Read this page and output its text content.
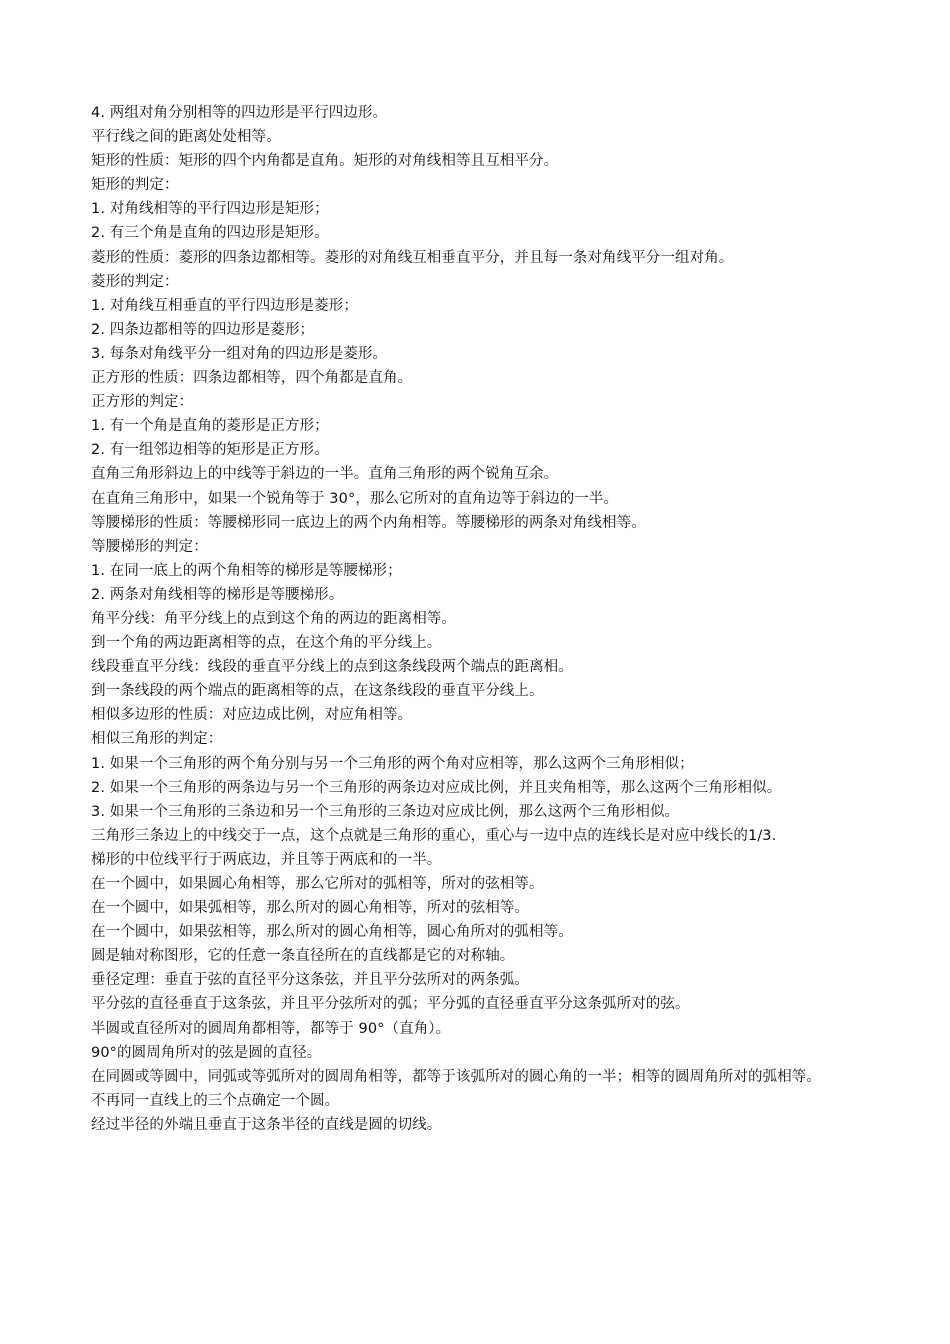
4. 两组对角分别相等的四边形是平行四边形。

平行线之间的距离处处相等。

矩形的性质：矩形的四个内角都是直角。矩形的对角线相等且互相平分。

矩形的判定：

1. 对角线相等的平行四边形是矩形；

2. 有三个角是直角的四边形是矩形。

菱形的性质：菱形的四条边都相等。菱形的对角线互相垂直平分，并且每一条对角线平分一组对角。

菱形的判定：

1. 对角线互相垂直的平行四边形是菱形；

2. 四条边都相等的四边形是菱形；

3. 每条对角线平分一组对角的四边形是菱形。

正方形的性质：四条边都相等，四个角都是直角。

正方形的判定：

1. 有一个角是直角的菱形是正方形；

2. 有一组邻边相等的矩形是正方形。

直角三角形斜边上的中线等于斜边的一半。直角三角形的两个锐角互余。

在直角三角形中，如果一个锐角等于 30°，那么它所对的直角边等于斜边的一半。

等腰梯形的性质：等腰梯形同一底边上的两个内角相等。等腰梯形的两条对角线相等。

等腰梯形的判定：

1. 在同一底上的两个角相等的梯形是等腰梯形；

2. 两条对角线相等的梯形是等腰梯形。

角平分线：角平分线上的点到这个角的两边的距离相等。

到一个角的两边距离相等的点，在这个角的平分线上。

线段垂直平分线：线段的垂直平分线上的点到这条线段两个端点的距离相。

到一条线段的两个端点的距离相等的点，在这条线段的垂直平分线上。

相似多边形的性质：对应边成比例，对应角相等。

相似三角形的判定：

1. 如果一个三角形的两个角分别与另一个三角形的两个角对应相等，那么这两个三角形相似；

2. 如果一个三角形的两条边与另一个三角形的两条边对应成比例，并且夹角相等，那么这两个三角形相似。

3. 如果一个三角形的三条边和另一个三角形的三条边对应成比例，那么这两个三角形相似。

三角形三条边上的中线交于一点，这个点就是三角形的重心，重心与一边中点的连线长是对应中线长的1/3.

梯形的中位线平行于两底边，并且等于两底和的一半。

在一个圆中，如果圆心角相等，那么它所对的弧相等，所对的弦相等。

在一个圆中，如果弧相等，那么所对的圆心角相等，所对的弦相等。

在一个圆中，如果弦相等，那么所对的圆心角相等，圆心角所对的弧相等。

圆是轴对称图形，它的任意一条直径所在的直线都是它的对称轴。

垂径定理：垂直于弦的直径平分这条弦，并且平分弦所对的两条弧。

平分弦的直径垂直于这条弦，并且平分弦所对的弧；平分弧的直径垂直平分这条弧所对的弦。

半圆或直径所对的圆周角都相等，都等于 90°（直角）。

90°的圆周角所对的弦是圆的直径。

在同圆或等圆中，同弧或等弧所对的圆周角相等，都等于该弧所对的圆心角的一半；相等的圆周角所对的弧相等。

不再同一直线上的三个点确定一个圆。

经过半径的外端且垂直于这条半径的直线是圆的切线。
